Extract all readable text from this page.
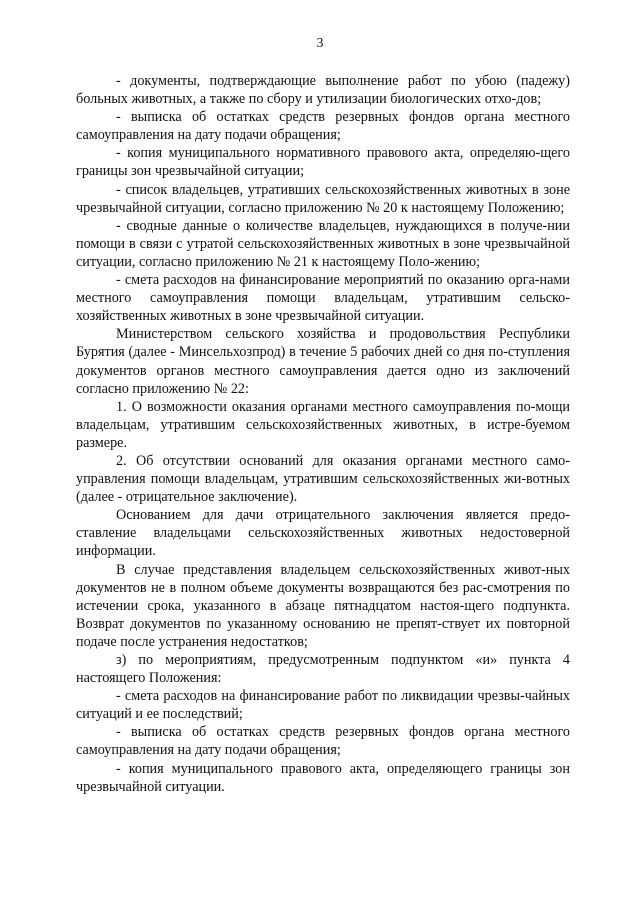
3

- документы, подтверждающие выполнение работ по убою (падежу) больных животных, а также по сбору и утилизации биологических отхо-дов;

- выписка об остатках средств резервных фондов органа местного самоуправления на дату подачи обращения;

- копия муниципального нормативного правового акта, определяю-щего границы зон чрезвычайной ситуации;

- список владельцев, утративших сельскохозяйственных животных в зоне чрезвычайной ситуации, согласно приложению № 20 к настоящему Положению;

- сводные данные о количестве владельцев, нуждающихся в получе-нии помощи в связи с утратой сельскохозяйственных животных в зоне чрезвычайной ситуации, согласно приложению № 21 к настоящему Поло-жению;

- смета расходов на финансирование мероприятий по оказанию орга-нами местного самоуправления помощи владельцам, утратившим сельско-хозяйственных животных в зоне чрезвычайной ситуации.

Министерством сельского хозяйства и продовольствия Республики Бурятия (далее - Минсельхозпрод) в течение 5 рабочих дней со дня по-ступления документов органов местного самоуправления дается одно из заключений согласно приложению № 22:

1. О возможности оказания органами местного самоуправления по-мощи владельцам, утратившим сельскохозяйственных животных, в истре-буемом размере.

2. Об отсутствии оснований для оказания органами местного само-управления помощи владельцам, утратившим сельскохозяйственных жи-вотных (далее - отрицательное заключение).

Основанием для дачи отрицательного заключения является предо-ставление владельцами сельскохозяйственных животных недостоверной информации.

В случае представления владельцем сельскохозяйственных живот-ных документов не в полном объеме документы возвращаются без рас-смотрения по истечении срока, указанного в абзаце пятнадцатом настоя-щего подпункта. Возврат документов по указанному основанию не препят-ствует их повторной подаче после устранения недостатков;

з) по мероприятиям, предусмотренным подпунктом «и» пункта 4 настоящего Положения:

- смета расходов на финансирование работ по ликвидации чрезвы-чайных ситуаций и ее последствий;

- выписка об остатках средств резервных фондов органа местного самоуправления на дату подачи обращения;

- копия муниципального правового акта, определяющего границы зон чрезвычайной ситуации.
